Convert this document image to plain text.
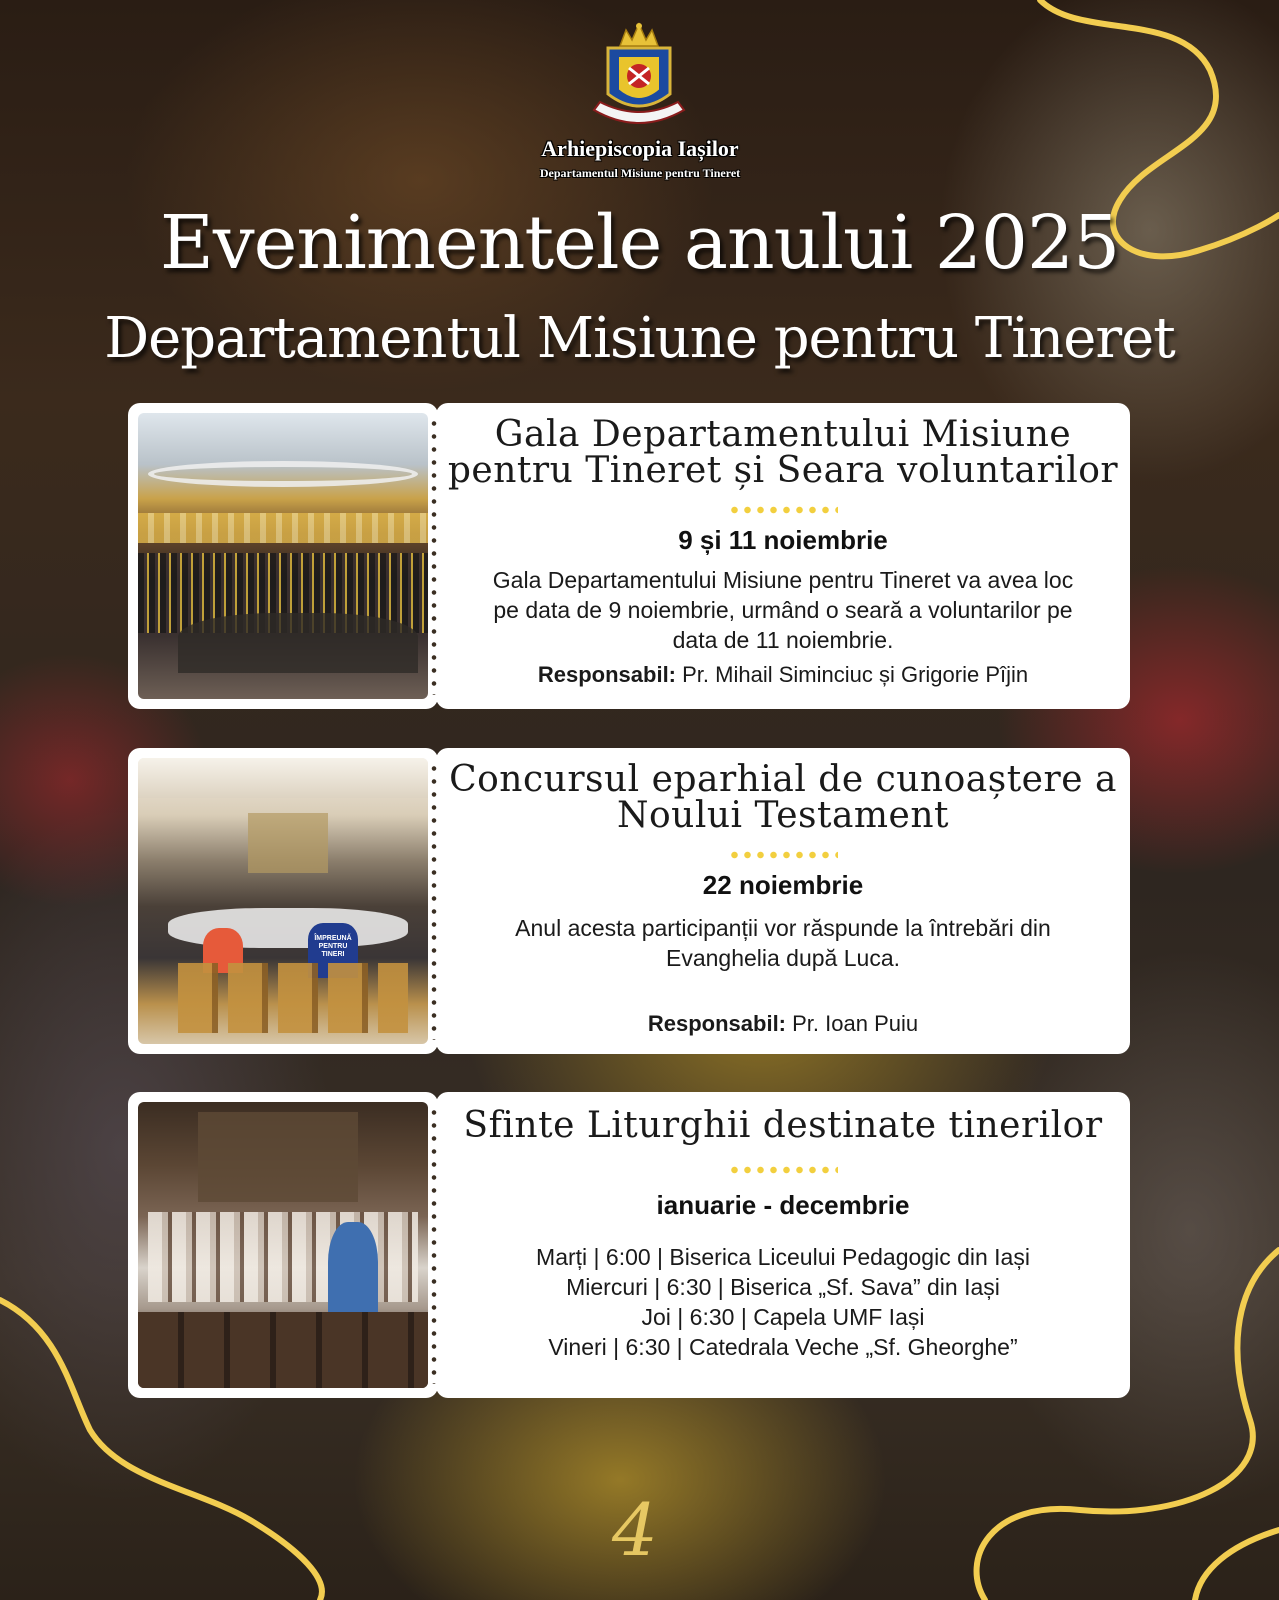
Arhiepiscopia Iașilor
Departamentul Misiune pentru Tineret
Evenimentele anului 2025
Departamentul Misiune pentru Tineret
Gala Departamentului Misiune
pentru Tineret și Seara voluntarilor
9 și 11 noiembrie
Gala Departamentului Misiune pentru Tineret va avea loc
pe data de 9 noiembrie, urmând o seară a voluntarilor pe
data de 11 noiembrie.
Responsabil: Pr. Mihail Siminciuc și Grigorie Pîjin
ÎMPREUNĂ PENTRU TINERI
Concursul eparhial de cunoaștere a
Noului Testament
22 noiembrie
Anul acesta participanții vor răspunde la întrebări din
Evanghelia după Luca.
Responsabil: Pr. Ioan Puiu
Sfinte Liturghii destinate tinerilor
ianuarie - decembrie
Marți | 6:00 | Biserica Liceului Pedagogic din Iași
Miercuri | 6:30 | Biserica „Sf. Sava” din Iași
Joi | 6:30 | Capela UMF Iași
Vineri | 6:30 | Catedrala Veche „Sf. Gheorghe”
4
